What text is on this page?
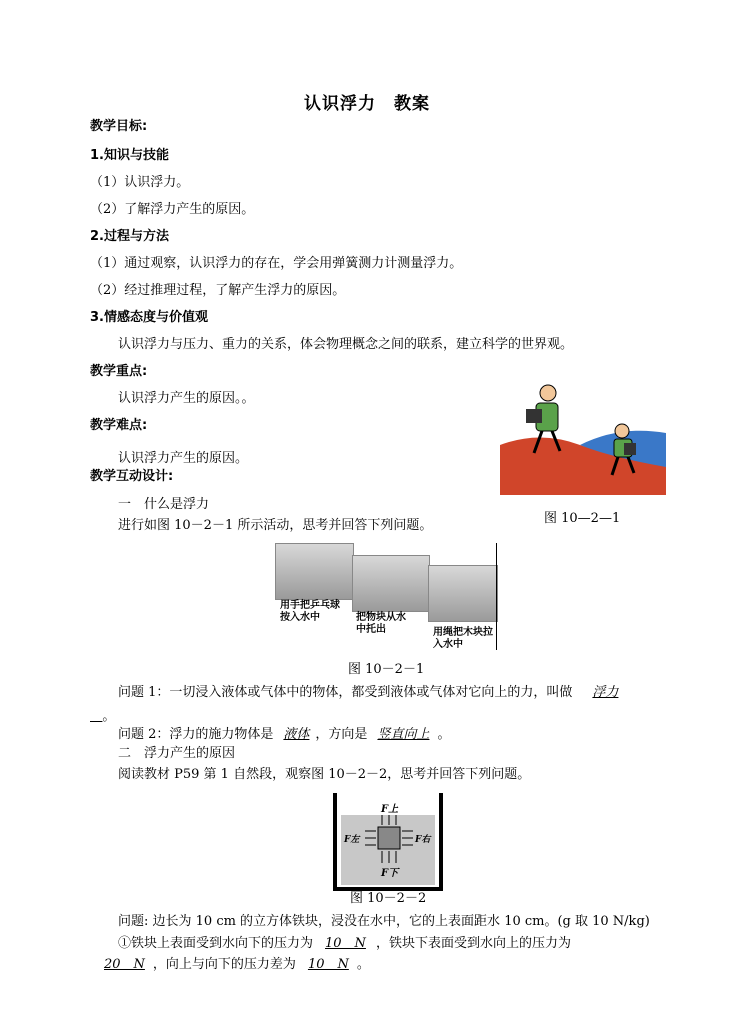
认识浮力　教案
教学目标:
1.知识与技能
（1）认识浮力。
（2）了解浮力产生的原因。
2.过程与方法
（1）通过观察，认识浮力的存在，学会用弹簧测力计测量浮力。
（2）经过推理过程，了解产生浮力的原因。
3.情感态度与价值观
认识浮力与压力、重力的关系，体会物理概念之间的联系，建立科学的世界观。
教学重点:
认识浮力产生的原因。。
教学难点:
认识浮力产生的原因。
教学互动设计:
一　什么是浮力
图 10—2—1
进行如图 10－2－1 所示活动，思考并回答下列问题。
用手把乒乓球按入水中	把物块从水中托出	用绳把木块拉入水中
图 10－2－1
问题 1：一切浸入液体或气体中的物体，都受到液体或气体对它向上的力，叫做 浮力
。
问题 2：浮力的施力物体是 液体 ，方向是 竖直向上 。
二　浮力产生的原因
阅读教材 P59 第 1 自然段，观察图 10－2－2，思考并回答下列问题。
F上
F左	F右
F下
图 10－2－2
问题: 边长为 10 cm 的立方体铁块，浸没在水中，它的上表面距水 10 cm。(g 取 10 N/kg)
①铁块上表面受到水向下的压力为 10　N ，铁块下表面受到水向上的压力为
20　N ，向上与向下的压力差为 10　N 。
